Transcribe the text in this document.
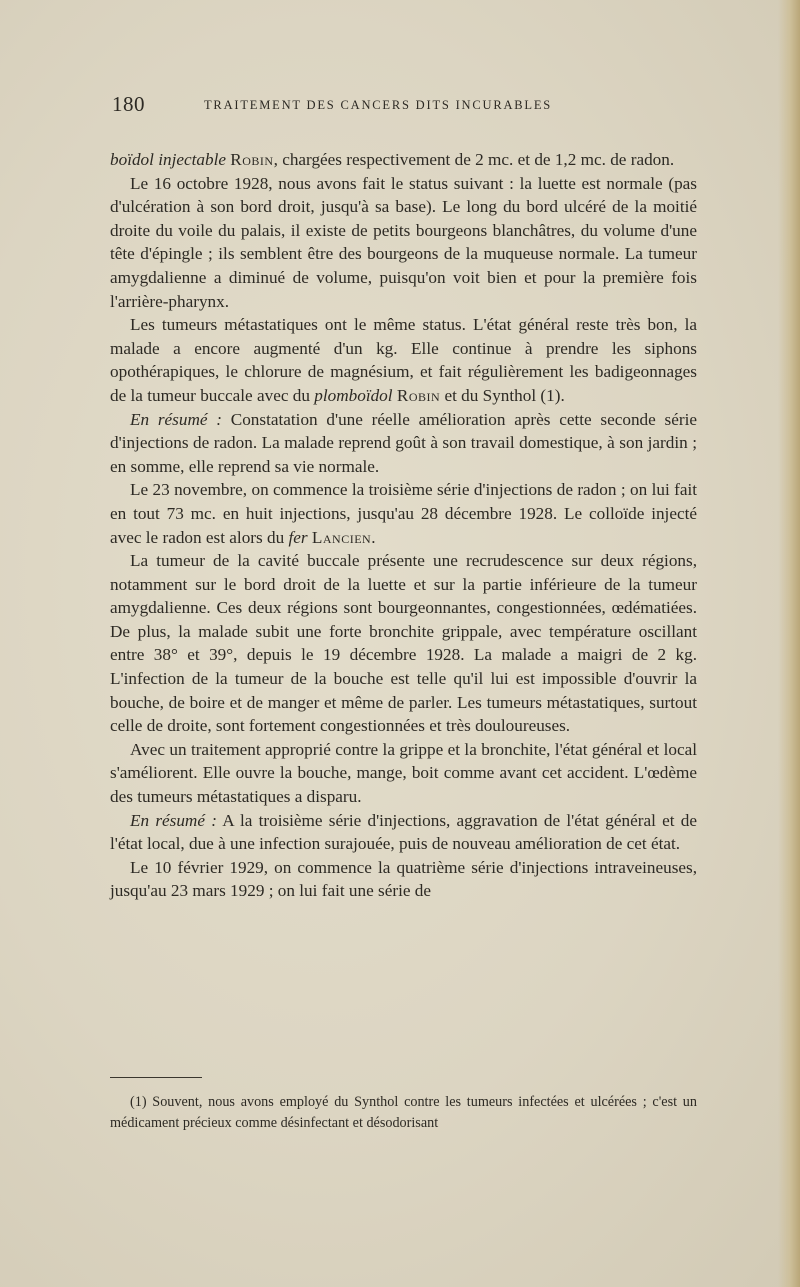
180	TRAITEMENT DES CANCERS DITS INCURABLES

boïdol injectable Robin, chargées respectivement de 2 mc. et de 1,2 mc. de radon.

Le 16 octobre 1928, nous avons fait le status suivant : la luette est normale (pas d'ulcération à son bord droit, jusqu'à sa base). Le long du bord ulcéré de la moitié droite du voile du palais, il existe de petits bourgeons blanchâtres, du volume d'une tête d'épingle ; ils semblent être des bourgeons de la muqueuse normale. La tumeur amygdalienne a diminué de volume, puisqu'on voit bien et pour la première fois l'arrière-pharynx.

Les tumeurs métastatiques ont le même status. L'état général reste très bon, la malade a encore augmenté d'un kg. Elle continue à prendre les siphons opothérapiques, le chlorure de magnésium, et fait régulièrement les badigeonnages de la tumeur buccale avec du plomboïdol Robin et du Synthol (1).

En résumé : Constatation d'une réelle amélioration après cette seconde série d'injections de radon. La malade reprend goût à son travail domestique, à son jardin ; en somme, elle reprend sa vie normale.

Le 23 novembre, on commence la troisième série d'injections de radon ; on lui fait en tout 73 mc. en huit injections, jusqu'au 28 décembre 1928. Le colloïde injecté avec le radon est alors du fer Lancien.

La tumeur de la cavité buccale présente une recrudescence sur deux régions, notamment sur le bord droit de la luette et sur la partie inférieure de la tumeur amygdalienne. Ces deux régions sont bourgeonnantes, congestionnées, œdématiées. De plus, la malade subit une forte bronchite grippale, avec température oscillant entre 38° et 39°, depuis le 19 décembre 1928. La malade a maigri de 2 kg. L'infection de la tumeur de la bouche est telle qu'il lui est impossible d'ouvrir la bouche, de boire et de manger et même de parler. Les tumeurs métastatiques, surtout celle de droite, sont fortement congestionnées et très douloureuses.

Avec un traitement approprié contre la grippe et la bronchite, l'état général et local s'améliorent. Elle ouvre la bouche, mange, boit comme avant cet accident. L'œdème des tumeurs métastatiques a disparu.

En résumé : A la troisième série d'injections, aggravation de l'état général et de l'état local, due à une infection surajouée, puis de nouveau amélioration de cet état.

Le 10 février 1929, on commence la quatrième série d'injections intraveineuses, jusqu'au 23 mars 1929 ; on lui fait une série de

(1) Souvent, nous avons employé du Synthol contre les tumeurs infectées et ulcérées ; c'est un médicament précieux comme désinfectant et désodorisant
